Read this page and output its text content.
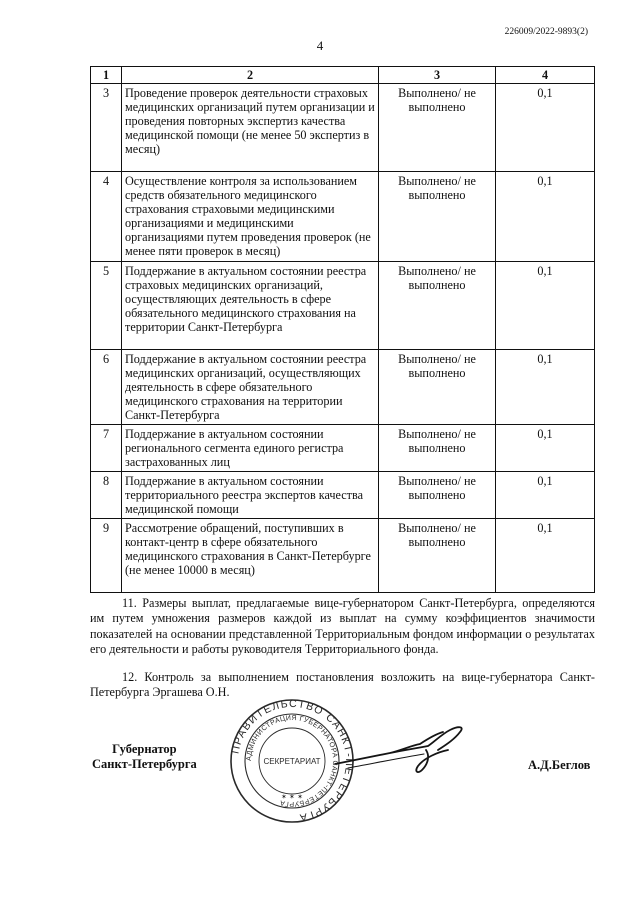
226009/2022-9893(2)
4
1	2	3	4
3	Проведение проверок деятельности страховых медицинских организаций путем организации и проведения повторных экспертиз качества медицинской помощи (не менее 50 экспертиз в месяц)	Выполнено/ не выполнено	0,1
4	Осуществление контроля за использованием средств обязательного медицинского страхования страховыми медицинскими организациями и медицинскими организациями путем проведения проверок (не менее пяти проверок в месяц)	Выполнено/ не выполнено	0,1
5	Поддержание в актуальном состоянии реестра страховых медицинских организаций, осуществляющих деятельность в сфере обязательного медицинского страхования на территории Санкт-Петербурга	Выполнено/ не выполнено	0,1
6	Поддержание в актуальном состоянии реестра медицинских организаций, осуществляющих деятельность в сфере обязательного медицинского страхования на территории Санкт-Петербурга	Выполнено/ не выполнено	0,1
7	Поддержание в актуальном состоянии регионального сегмента единого регистра застрахованных лиц	Выполнено/ не выполнено	0,1
8	Поддержание в актуальном состоянии территориального реестра экспертов качества медицинской помощи	Выполнено/ не выполнено	0,1
9	Рассмотрение обращений, поступивших в контакт-центр в сфере обязательного медицинского страхования в Санкт-Петербурге (не менее 10000 в месяц)	Выполнено/ не выполнено	0,1
11. Размеры выплат, предлагаемые вице-губернатором Санкт-Петербурга, определяются им путем умножения размеров каждой из выплат на сумму коэффициентов значимости показателей на основании представленной Территориальным фондом информации о результатах его деятельности и работы руководителя Территориального фонда.
12. Контроль за выполнением постановления возложить на вице-губернатора Санкт-Петербурга Эргашева О.Н.
Губернатор
Санкт-Петербурга
ПРАВИТЕЛЬСТВО САНКТ-ПЕТЕРБУРГА
АДМИНИСТРАЦИЯ ГУБЕРНАТОРА САНКТ-ПЕТЕРБУРГА
СЕКРЕТАРИАТ
✶ ✶ ✶
А.Д.Беглов
